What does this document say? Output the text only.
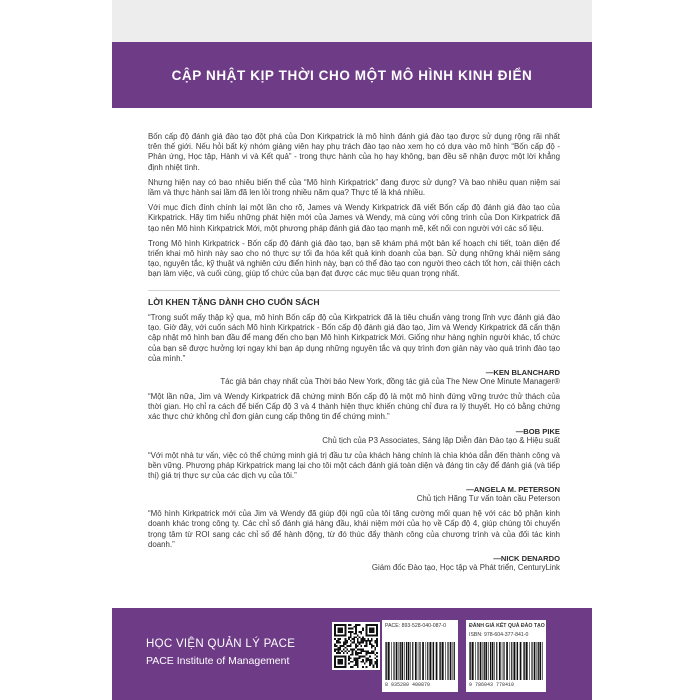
CẬP NHẬT KỊP THỜI CHO MỘT MÔ HÌNH KINH ĐIỂN

Bốn cấp độ đánh giá đào tạo đột phá của Don Kirkpatrick là mô hình đánh giá đào tạo được sử dụng rộng rãi nhất trên thế giới. Nếu hỏi bất kỳ nhóm giảng viên hay phụ trách đào tạo nào xem họ có dựa vào mô hình “Bốn cấp độ - Phản ứng, Học tập, Hành vi và Kết quả” - trong thực hành của họ hay không, bạn đều sẽ nhận được một lời khẳng định nhiệt tình.

Nhưng hiện nay có bao nhiêu biến thể của “Mô hình Kirkpatrick” đang được sử dụng? Và bao nhiêu quan niệm sai lầm và thực hành sai lầm đã len lỏi trong nhiều năm qua? Thực tế là khá nhiều.

Với mục đích đính chính lại một lần cho rõ, James và Wendy Kirkpatrick đã viết Bốn cấp độ đánh giá đào tạo của Kirkpatrick. Hãy tìm hiểu những phát hiện mới của James và Wendy, mà cùng với công trình của Don Kirkpatrick đã tạo nên Mô hình Kirkpatrick Mới, một phương pháp đánh giá đào tạo mạnh mẽ, kết nối con người với các số liệu.

Trong Mô hình Kirkpatrick - Bốn cấp độ đánh giá đào tạo, bạn sẽ khám phá một bản kế hoạch chi tiết, toàn diện để triển khai mô hình này sao cho nó thực sự tối đa hóa kết quả kinh doanh của bạn. Sử dụng những khái niệm sáng tạo, nguyên tắc, kỹ thuật và nghiên cứu điển hình này, bạn có thể đào tạo con người theo cách tốt hơn, cải thiện cách bạn làm việc, và cuối cùng, giúp tổ chức của bạn đạt được các mục tiêu quan trọng nhất.

LỜI KHEN TẶNG DÀNH CHO CUỐN SÁCH

“Trong suốt mấy thập kỷ qua, mô hình Bốn cấp độ của Kirkpatrick đã là tiêu chuẩn vàng trong lĩnh vực đánh giá đào tạo. Giờ đây, với cuốn sách Mô hình Kirkpatrick - Bốn cấp độ đánh giá đào tạo, Jim và Wendy Kirkpatrick đã cẩn thận cập nhật mô hình ban đầu để mang đến cho bạn Mô hình Kirkpatrick Mới. Giống như hàng nghìn người khác, tổ chức của bạn sẽ được hưởng lợi ngay khi bạn áp dụng những nguyên tắc và quy trình đơn giản này vào quá trình đào tạo của mình.”

—KEN BLANCHARD

Tác giả bán chạy nhất của Thời báo New York, đồng tác giả của The New One Minute Manager®

“Một lần nữa, Jim và Wendy Kirkpatrick đã chứng minh Bốn cấp độ là một mô hình đứng vững trước thử thách của thời gian. Họ chỉ ra cách để biến Cấp độ 3 và 4 thành hiện thực khiến chúng chỉ đưa ra lý thuyết. Họ có bằng chứng xác thực chứ không chỉ đơn giản cung cấp thông tin để chứng minh.”

—BOB PIKE

Chủ tịch của P3 Associates, Sáng lập Diễn đàn Đào tạo & Hiệu suất

“Với một nhà tư vấn, việc có thể chứng minh giá trị đầu tư của khách hàng chính là chìa khóa dẫn đến thành công và bền vững. Phương pháp Kirkpatrick mang lại cho tôi một cách đánh giá toàn diện và đáng tin cậy để đánh giá (và tiếp thị) giá trị thực sự của các dịch vụ của tôi.”

—ANGELA M. PETERSON

Chủ tịch Hãng Tư vấn toàn cầu Peterson

“Mô hình Kirkpatrick mới của Jim và Wendy đã giúp đội ngũ của tôi tăng cường mối quan hệ với các bộ phận kinh doanh khác trong công ty. Các chỉ số đánh giá hàng đầu, khái niệm mới của họ về Cấp độ 4, giúp chúng tôi chuyển trọng tâm từ ROI sang các chỉ số để hành động, từ đó thúc đẩy thành công của chương trình và của đối tác kinh doanh.”

—NICK DENARDO

Giám đốc Đào tạo, Học tập và Phát triển, CenturyLink

HỌC VIỆN QUẢN LÝ PACE
PACE Institute of Management
PACE: 893-528-040-087-0
8 935280 400870
ĐÁNH GIÁ KẾT QUẢ ĐÀO TẠO
ISBN: 978-604-377-841-0
9 786043 778410
